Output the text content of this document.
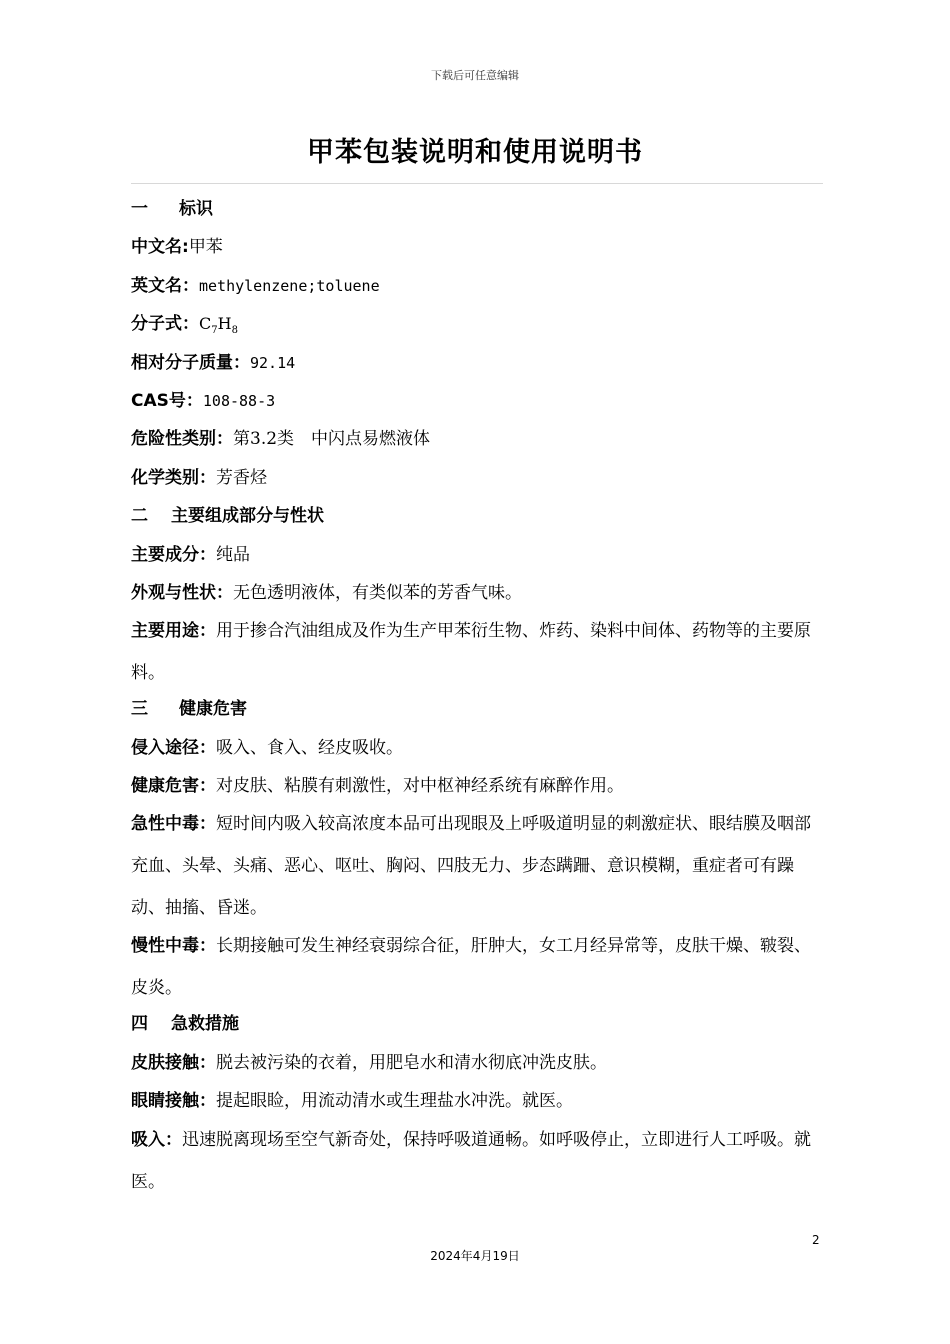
下载后可任意编辑
甲苯包装说明和使用说明书
一 标识
中文名:甲苯
英文名：methylenzene;toluene
分子式：$C_7H_8$
相对分子质量：92.14
CAS号：108-88-3
危险性类别：第3.2类　中闪点易燃液体
化学类别：芳香烃
二 主要组成部分与性状
主要成分：纯品
外观与性状：无色透明液体，有类似苯的芳香气味。
主要用途：用于掺合汽油组成及作为生产甲苯衍生物、炸药、染料中间体、药物等的主要原料。
三 健康危害
侵入途径：吸入、食入、经皮吸收。
健康危害：对皮肤、粘膜有刺激性，对中枢神经系统有麻醉作用。
急性中毒：短时间内吸入较高浓度本品可出现眼及上呼吸道明显的刺激症状、眼结膜及咽部充血、头晕、头痛、恶心、呕吐、胸闷、四肢无力、步态蹒跚、意识模糊，重症者可有躁动、抽搐、昏迷。
慢性中毒：长期接触可发生神经衰弱综合征，肝肿大，女工月经异常等，皮肤干燥、皲裂、皮炎。
四 急救措施
皮肤接触：脱去被污染的衣着，用肥皂水和清水彻底冲洗皮肤。
眼睛接触：提起眼睑，用流动清水或生理盐水冲洗。就医。
吸入：迅速脱离现场至空气新奇处，保持呼吸道通畅。如呼吸停止，立即进行人工呼吸。就医。
2
2024年4月19日
